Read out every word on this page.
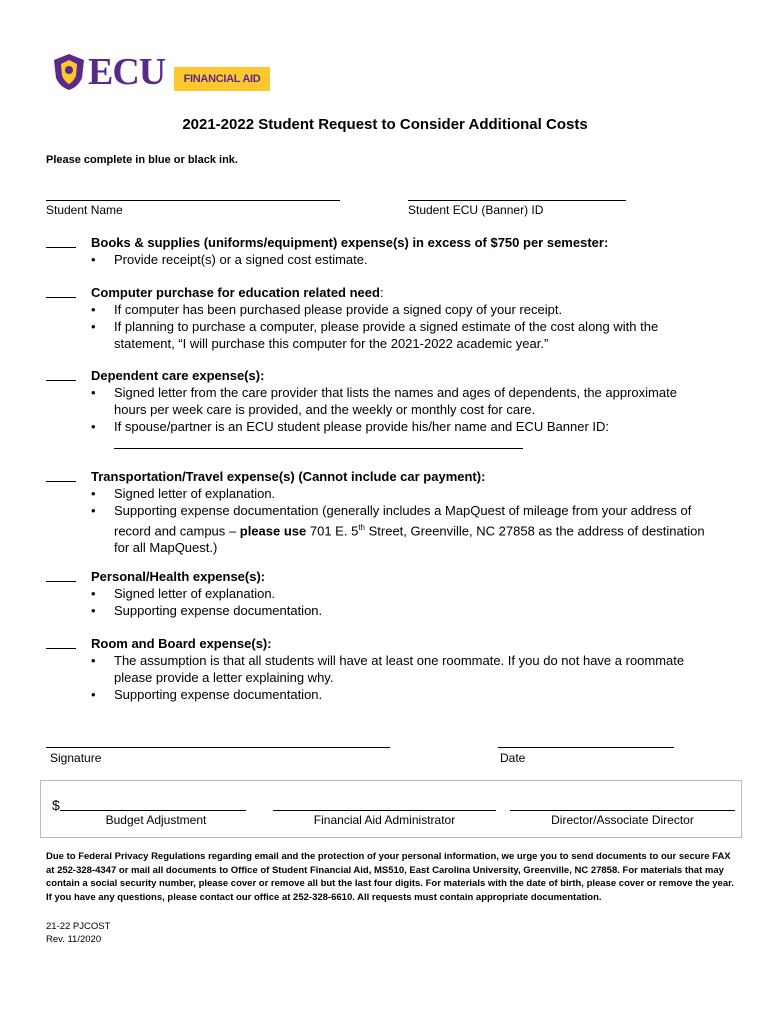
ECU	FINANCIAL AID
2021-2022 Student Request to Consider Additional Costs
Please complete in blue or black ink.
Student Name	Student ECU (Banner) ID
Books & supplies (uniforms/equipment) expense(s) in excess of $750 per semester:
• Provide receipt(s) or a signed cost estimate.
Computer purchase for education related need:
• If computer has been purchased please provide a signed copy of your receipt.
• If planning to purchase a computer, please provide a signed estimate of the cost along with the statement, “I will purchase this computer for the 2021-2022 academic year.”
Dependent care expense(s):
• Signed letter from the care provider that lists the names and ages of dependents, the approximate hours per week care is provided, and the weekly or monthly cost for care.
• If spouse/partner is an ECU student please provide his/her name and ECU Banner ID:
Transportation/Travel expense(s) (Cannot include car payment):
• Signed letter of explanation.
• Supporting expense documentation (generally includes a MapQuest of mileage from your address of record and campus – please use 701 E. 5th Street, Greenville, NC 27858 as the address of destination for all MapQuest.)
Personal/Health expense(s):
• Signed letter of explanation.
• Supporting expense documentation.
Room and Board expense(s):
• The assumption is that all students will have at least one roommate. If you do not have a roommate please provide a letter explaining why.
• Supporting expense documentation.
Signature	Date
$
Budget Adjustment	Financial Aid Administrator	Director/Associate Director
Due to Federal Privacy Regulations regarding email and the protection of your personal information, we urge you to send documents to our secure FAX at 252-328-4347 or mail all documents to Office of Student Financial Aid, MS510, East Carolina University, Greenville, NC 27858. For materials that may contain a social security number, please cover or remove all but the last four digits. For materials with the date of birth, please cover or remove the year. If you have any questions, please contact our office at 252-328-6610. All requests must contain appropriate documentation.
21-22 PJCOST
Rev. 11/2020
